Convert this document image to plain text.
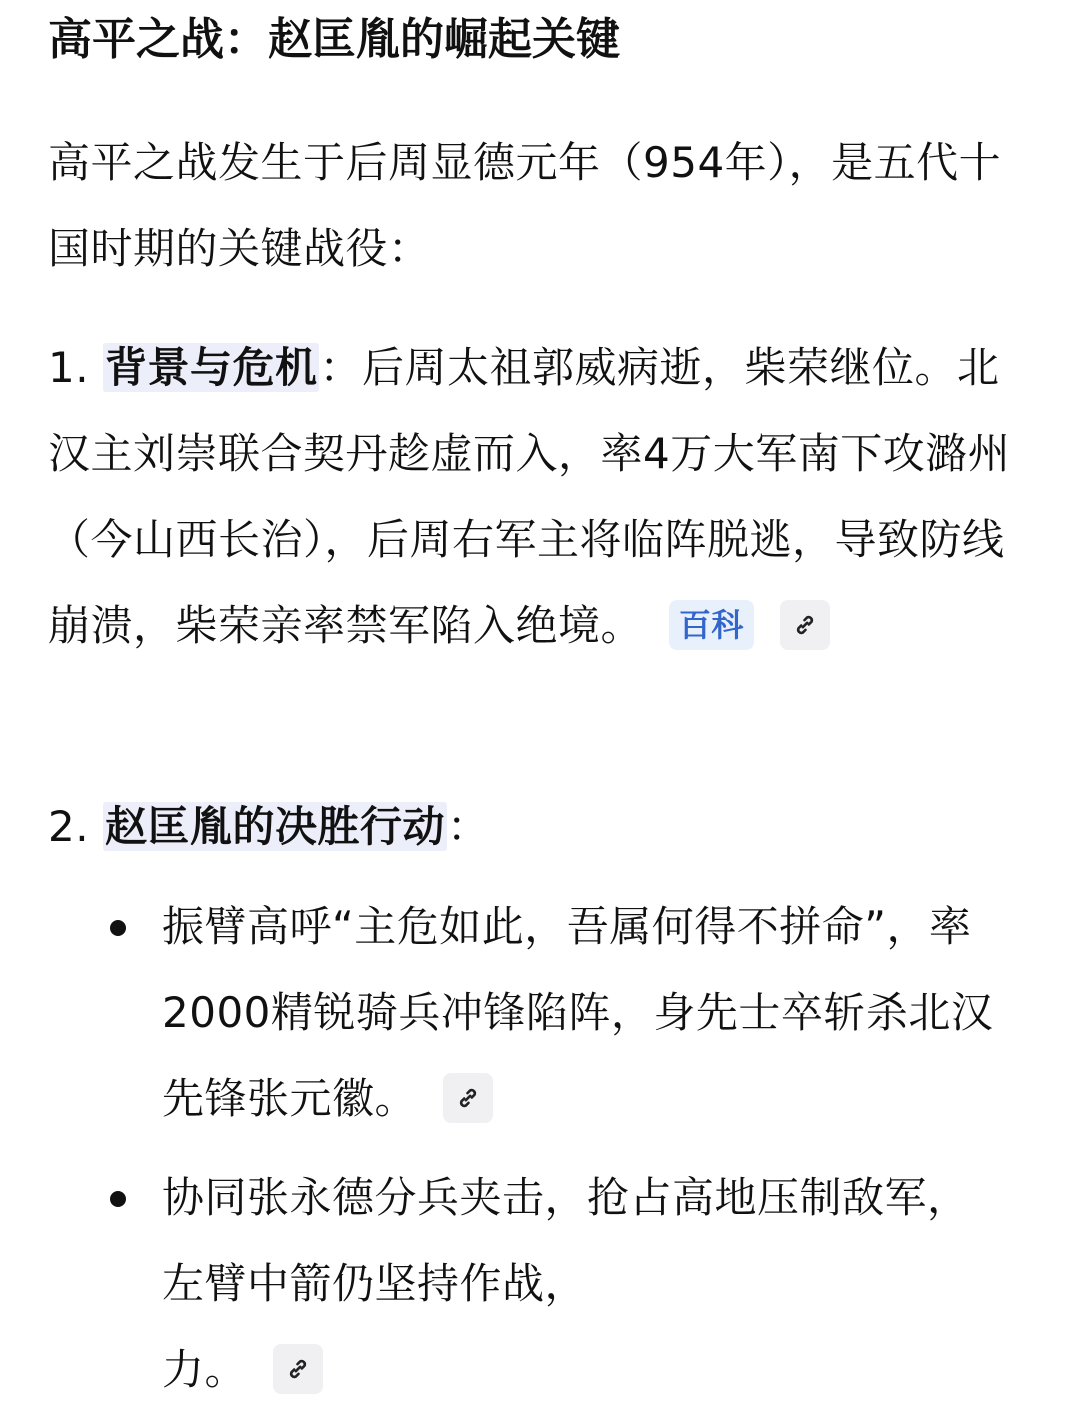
高平之战：赵匡胤的崛起关键
高平之战发生于后周显德元年（954年），是五代十国时期的关键战役：
1. 背景与危机：后周太祖郭威病逝，柴荣继位。北汉主刘崇联合契丹趁虚而入，率4万大军南下攻潞州（今山西长治），后周右军主将临阵脱逃，导致防线崩溃，柴荣亲率禁军陷入绝境。 百科
2. 赵匡胤的决胜行动：
振臂高呼“主危如此，吾属何得不拼命”，率2000精锐骑兵冲锋陷阵，身先士卒斩杀北汉先锋张元徽。
协同张永德分兵夹击，抢占高地压制敌军，左臂中箭仍坚持作战，
力。
